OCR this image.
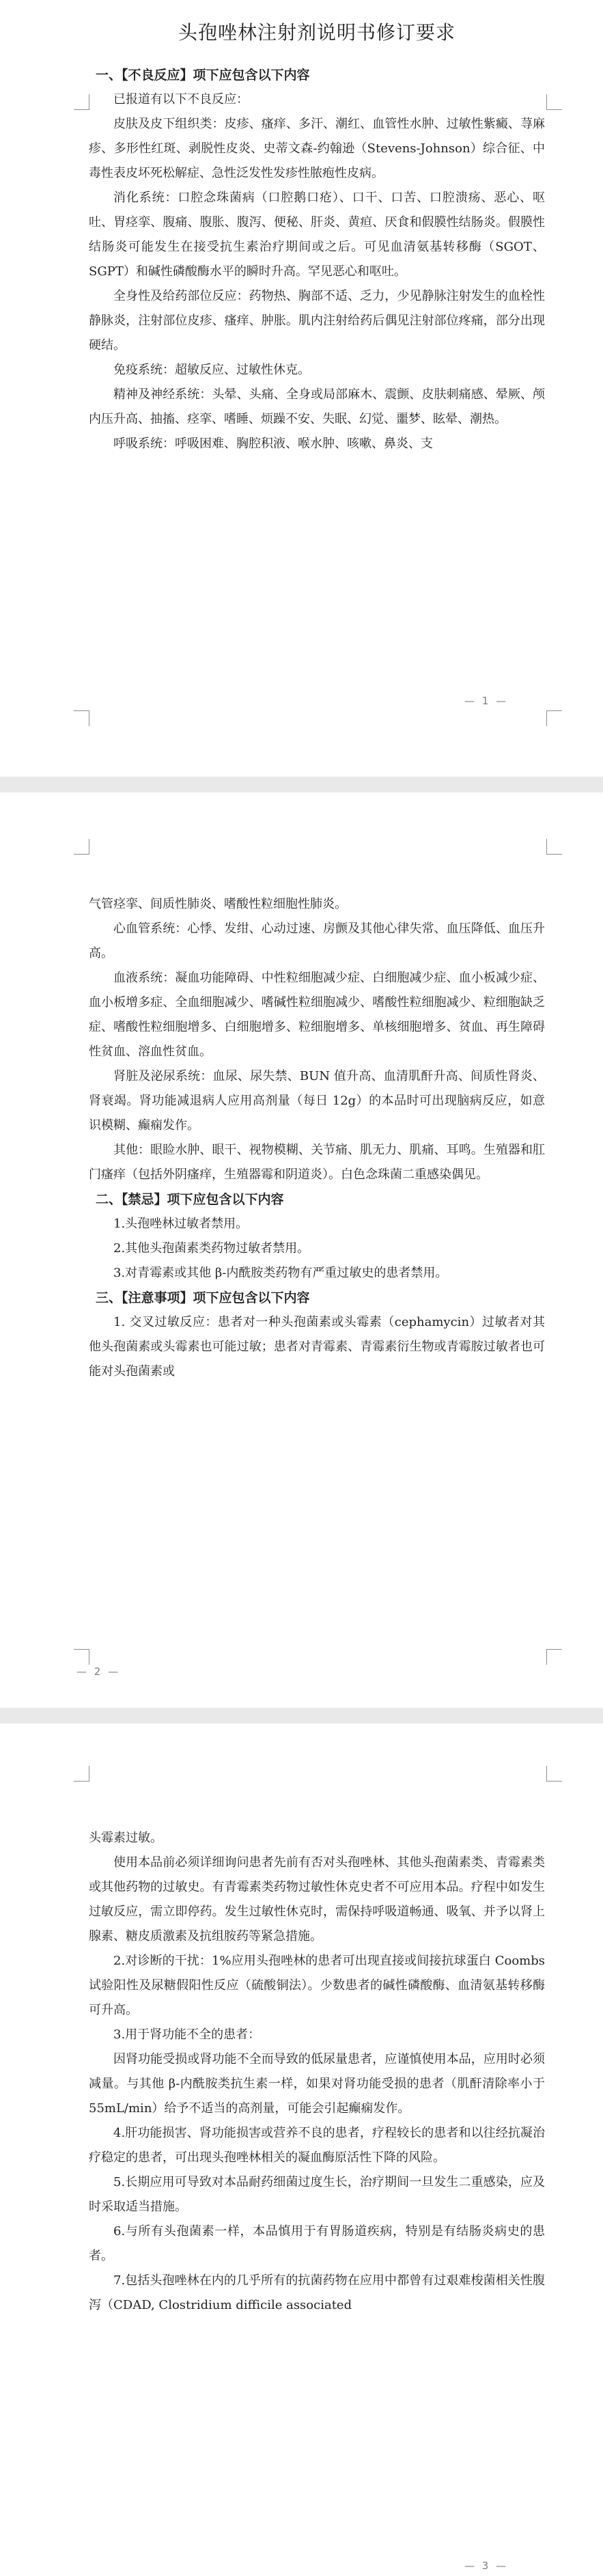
头孢唑林注射剂说明书修订要求
一、【不良反应】项下应包含以下内容

已报道有以下不良反应：

皮肤及皮下组织类：皮疹、瘙痒、多汗、潮红、血管性水肿、过敏性紫癜、荨麻疹、多形性红斑、剥脱性皮炎、史蒂文森-约翰逊（Stevens-Johnson）综合征、中毒性表皮坏死松解症、急性泛发性发疹性脓疱性皮病。

消化系统：口腔念珠菌病（口腔鹅口疮）、口干、口苦、口腔溃疡、恶心、呕吐、胃痉挛、腹痛、腹胀、腹泻、便秘、肝炎、黄疸、厌食和假膜性结肠炎。假膜性结肠炎可能发生在接受抗生素治疗期间或之后。可见血清氨基转移酶（SGOT、SGPT）和碱性磷酸酶水平的瞬时升高。罕见恶心和呕吐。

全身性及给药部位反应：药物热、胸部不适、乏力，少见静脉注射发生的血栓性静脉炎，注射部位皮疹、瘙痒、肿胀。肌内注射给药后偶见注射部位疼痛，部分出现硬结。

免疫系统：超敏反应、过敏性休克。

精神及神经系统：头晕、头痛、全身或局部麻木、震颤、皮肤刺痛感、晕厥、颅内压升高、抽搐、痉挛、嗜睡、烦躁不安、失眠、幻觉、噩梦、眩晕、潮热。

呼吸系统：呼吸困难、胸腔积液、喉水肿、咳嗽、鼻炎、支

— 1 —

气管痉挛、间质性肺炎、嗜酸性粒细胞性肺炎。

心血管系统：心悸、发绀、心动过速、房颤及其他心律失常、血压降低、血压升高。

血液系统：凝血功能障碍、中性粒细胞减少症、白细胞减少症、血小板减少症、血小板增多症、全血细胞减少、嗜碱性粒细胞减少、嗜酸性粒细胞减少、粒细胞缺乏症、嗜酸性粒细胞增多、白细胞增多、粒细胞增多、单核细胞增多、贫血、再生障碍性贫血、溶血性贫血。

肾脏及泌尿系统：血尿、尿失禁、BUN 值升高、血清肌酐升高、间质性肾炎、肾衰竭。肾功能减退病人应用高剂量（每日 12g）的本品时可出现脑病反应，如意识模糊、癫痫发作。

其他：眼睑水肿、眼干、视物模糊、关节痛、肌无力、肌痛、耳鸣。生殖器和肛门瘙痒（包括外阴瘙痒，生殖器霉和阴道炎）。白色念珠菌二重感染偶见。

二、【禁忌】项下应包含以下内容

1.头孢唑林过敏者禁用。

2.其他头孢菌素类药物过敏者禁用。

3.对青霉素或其他 β-内酰胺类药物有严重过敏史的患者禁用。

三、【注意事项】项下应包含以下内容

1. 交叉过敏反应：患者对一种头孢菌素或头霉素（cephamycin）过敏者对其他头孢菌素或头霉素也可能过敏；患者对青霉素、青霉素衍生物或青霉胺过敏者也可能对头孢菌素或

— 2 —

头霉素过敏。

使用本品前必须详细询问患者先前有否对头孢唑林、其他头孢菌素类、青霉素类或其他药物的过敏史。有青霉素类药物过敏性休克史者不可应用本品。疗程中如发生过敏反应，需立即停药。发生过敏性休克时，需保持呼吸道畅通、吸氧、并予以肾上腺素、糖皮质激素及抗组胺药等紧急措施。

2.对诊断的干扰：1%应用头孢唑林的患者可出现直接或间接抗球蛋白 Coombs 试验阳性及尿糖假阳性反应（硫酸铜法）。少数患者的碱性磷酸酶、血清氨基转移酶可升高。

3.用于肾功能不全的患者：

因肾功能受损或肾功能不全而导致的低尿量患者，应谨慎使用本品，应用时必须减量。与其他 β-内酰胺类抗生素一样，如果对肾功能受损的患者（肌酐清除率小于 55mL/min）给予不适当的高剂量，可能会引起癫痫发作。

4.肝功能损害、肾功能损害或营养不良的患者，疗程较长的患者和以往经抗凝治疗稳定的患者，可出现头孢唑林相关的凝血酶原活性下降的风险。

5.长期应用可导致对本品耐药细菌过度生长，治疗期间一旦发生二重感染，应及时采取适当措施。

6.与所有头孢菌素一样，本品慎用于有胃肠道疾病，特别是有结肠炎病史的患者。

7.包括头孢唑林在内的几乎所有的抗菌药物在应用中都曾有过艰难梭菌相关性腹泻（CDAD, Clostridium difficile associated

— 3 —
